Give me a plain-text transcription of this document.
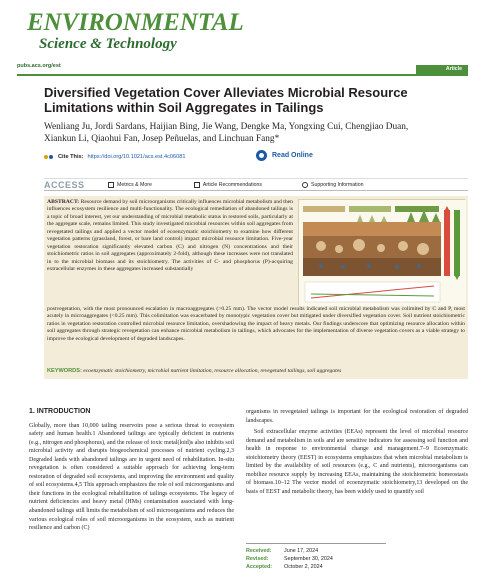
ENVIRONMENTAL
Science & Technology
pubs.acs.org/est	Article
Diversified Vegetation Cover Alleviates Microbial Resource Limitations within Soil Aggregates in Tailings
Wenliang Ju, Jordi Sardans, Haijian Bing, Jie Wang, Dengke Ma, Yongxing Cui, Chengjiao Duan, Xiankun Li, Qiaohui Fan, Josep Peñuelas, and Linchuan Fang*
Cite This: https://doi.org/10.1021/acs.est.4c06081	Read Online
ACCESS	Metrics & More	Article Recommendations	Supporting Information
ABSTRACT: Resource demand by soil microorganisms critically influences microbial metabolism and then influences ecosystem resilience and multi-functionality. The ecological remediation of abandoned tailings is a topic of broad interest, yet our understanding of microbial metabolic status in restored soils, particularly at the aggregate scale, remains limited. This study investigated microbial resources within soil aggregates from revegetated tailings and applied a vector model of ecoenzymatic stoichiometry to examine how different vegetation patterns (grassland, forest, or bare land control) impact microbial resource limitation. Five-year vegetation restoration significantly elevated carbon (C) and nitrogen (N) concentrations and their stoichiometric ratios in soil aggregates (approximately 2-fold), although these increases were not translated in to the microbial biomass and its stoichiometry. The activities of C- and phosphorus (P)-acquiring extracellular enzymes in these aggregates increased substantially
postvegetation, with the most pronounced escalation in macroaggregates (>0.25 mm). The vector model results indicated soil microbial metabolism was colimited by C and P, most acutely in microaggregates (<0.25 mm). This colimitation was exacerbated by monotypic vegetation cover but mitigated under diversified vegetation cover. Soil nutrient stoichiometric ratios in vegetation restoration controlled microbial resource limitation, overshadowing the impact of heavy metals. Our findings underscore that optimizing resource allocation within soil aggregates through strategic revegetation can enhance microbial metabolism in tailings, which advocates for the implementation of diverse vegetation covers as a viable strategy to improve the ecological development of degraded landscapes.
KEYWORDS: ecoenzymatic stoichiometry, microbial nutrient limitation, resource allocation, revegetated tailings, soil aggregates
1. INTRODUCTION
Globally, more than 10,000 tailing reservoirs pose a serious threat to ecosystem safety and human health.1 Abandoned tailings are typically deficient in nutrients (e.g., nitrogen and phosphorus), and the release of toxic metal(loid)s also inhibits soil microbial activity and disrupts biogeochemical processes of nutrient cycling.2,3 Degraded lands with abandoned tailings are in urgent need of rehabilitation. In-situ revegetation is often considered a suitable approach for achieving long-term restoration of degraded soil ecosystems, and improving the environment and quality of soil ecosystems.4,5 This approach emphasizes the role of soil microorganisms and their functions in the ecological rehabilitation of tailings ecosystems. The legacy of nutrient deficiencies and heavy metal (HMs) contamination associated with long-abandoned tailings still limits the metabolism of soil microorganisms and reduces the various ecological roles of soil microorganisms in the ecosystem, such as nutrient resilience and carbon (C)
organisms in revegetated tailings is important for the ecological restoration of degraded landscapes.
Soil extracellular enzyme activities (EEAs) represent the level of microbial resource demand and metabolism in soils and are sensitive indicators for assessing soil function and health in response to environmental change and management.7–9 Ecoenzymatic stoichiometry theory (EEST) in ecosystems emphasizes that when microbial metabolism is limited by the availability of soil resources (e.g., C and nutrients), microorganisms can mobilize resource supply by increasing EEAs, maintaining the stoichiometric homeostasis of biomass.10–12 The vector model of ecoenzymatic stoichiometry,13 developed on the basis of EEST and metabolic theory, has been widely used to quantify soil
Received:	June 17, 2024
Revised:	September 30, 2024
Accepted:	October 2, 2024
